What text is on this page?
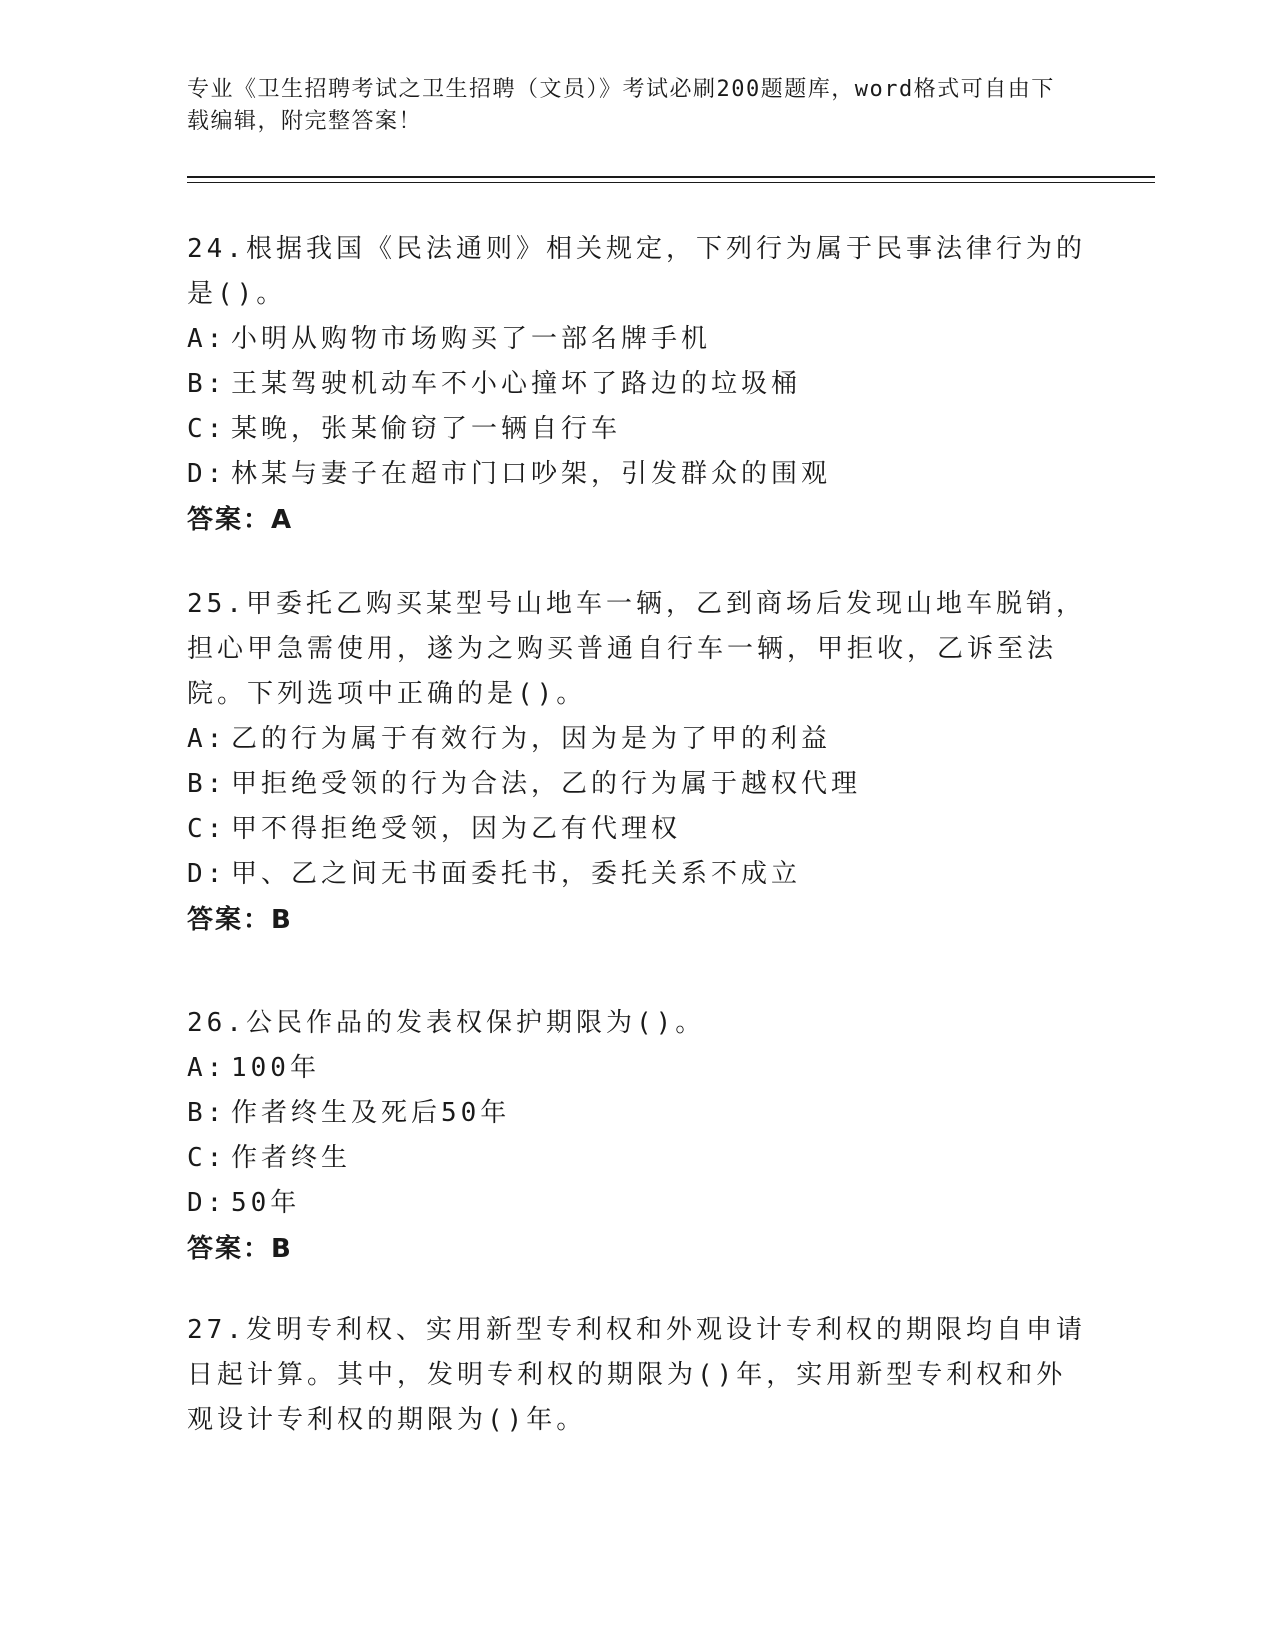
专业《卫生招聘考试之卫生招聘（文员）》考试必刷200题题库，word格式可自由下载编辑，附完整答案！
24.根据我国《民法通则》相关规定，下列行为属于民事法律行为的是()。
A: 小明从购物市场购买了一部名牌手机
B: 王某驾驶机动车不小心撞坏了路边的垃圾桶
C: 某晚，张某偷窃了一辆自行车
D: 林某与妻子在超市门口吵架，引发群众的围观
答案：A
25.甲委托乙购买某型号山地车一辆，乙到商场后发现山地车脱销，担心甲急需使用，遂为之购买普通自行车一辆，甲拒收，乙诉至法院。下列选项中正确的是()。
A: 乙的行为属于有效行为，因为是为了甲的利益
B: 甲拒绝受领的行为合法，乙的行为属于越权代理
C: 甲不得拒绝受领，因为乙有代理权
D: 甲、乙之间无书面委托书，委托关系不成立
答案：B
26.公民作品的发表权保护期限为()。
A: 100年
B: 作者终生及死后50年
C: 作者终生
D: 50年
答案：B
27.发明专利权、实用新型专利权和外观设计专利权的期限均自申请日起计算。其中，发明专利权的期限为()年，实用新型专利权和外观设计专利权的期限为()年。
